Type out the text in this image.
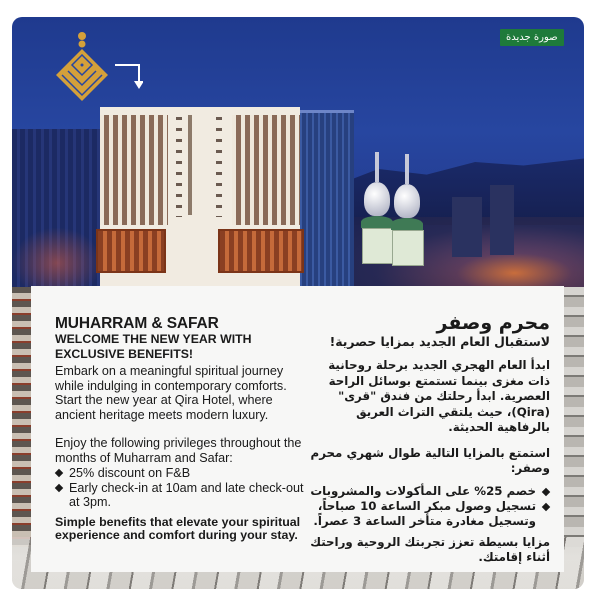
صورة جديدة
MUHARRAM & SAFAR
WELCOME THE NEW YEAR WITH
EXCLUSIVE BENEFITS!
Embark on a meaningful spiritual journey while indulging in contemporary comforts. Start the new year at Qira Hotel, where ancient heritage meets modern luxury.
Enjoy the following privileges throughout the months of Muharram and Safar:
25% discount on F&B
Early check-in at 10am and late check-out at 3pm.
Simple benefits that elevate your spiritual experience and comfort during your stay.
محرم وصفر
لاستقبال العام الجديد بمزايا حصرية!
ابدأ العام الهجري الجديد برحلة روحانية ذات مغزى بينما تستمتع بوسائل الراحة العصرية. ابدأ رحلتك من فندق "قرى" (Qira)، حيث يلتقي التراث العريق بالرفاهية الحديثة.
استمتع بالمزايا التالية طوال شهري محرم وصفر:
خصم 25% على المأكولات والمشروبات
تسجيل وصول مبكر الساعة 10 صباحاً، وتسجيل مغادرة متأخر الساعة 3 عصراً.
مزايا بسيطة تعزز تجربتك الروحية وراحتك أثناء إقامتك.
